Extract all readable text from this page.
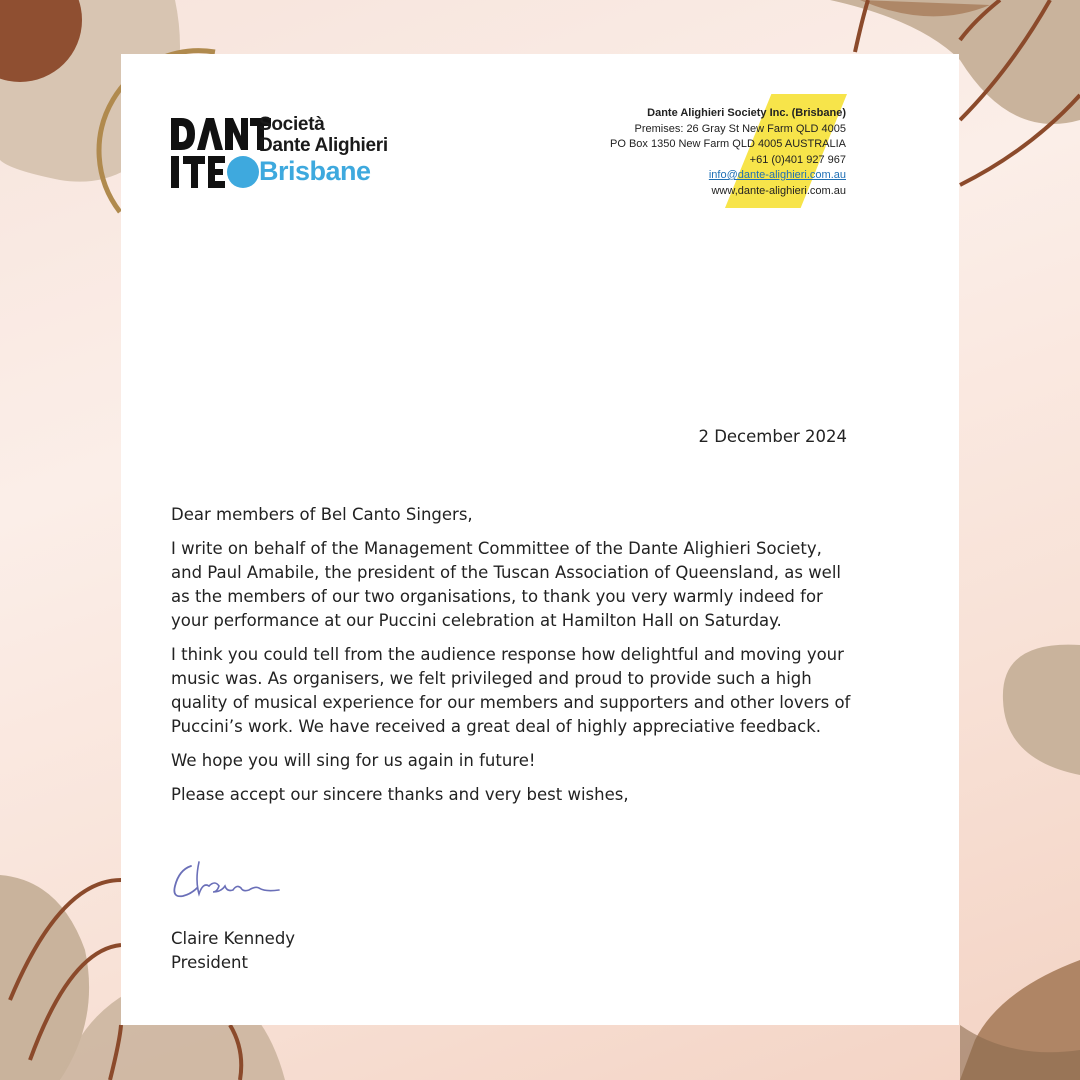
Società
Dante Alighieri
Brisbane
Dante Alighieri Society Inc. (Brisbane)
Premises: 26 Gray St New Farm QLD 4005
PO Box 1350 New Farm QLD 4005 AUSTRALIA
+61 (0)401 927 967
info@dante-alighieri.com.au
www,dante-alighieri.com.au
2 December 2024

Dear members of Bel Canto Singers,

I write on behalf of the Management Committee of the Dante Alighieri Society, and Paul Amabile, the president of the Tuscan Association of Queensland, as well as the members of our two organisations, to thank you very warmly indeed for your performance at our Puccini celebration at Hamilton Hall on Saturday.

I think you could tell from the audience response how delightful and moving your music was. As organisers, we felt privileged and proud to provide such a high quality of musical experience for our members and supporters and other lovers of Puccini’s work. We have received a great deal of highly appreciative feedback.

We hope you will sing for us again in future!

Please accept our sincere thanks and very best wishes,

Claire Kennedy
President
